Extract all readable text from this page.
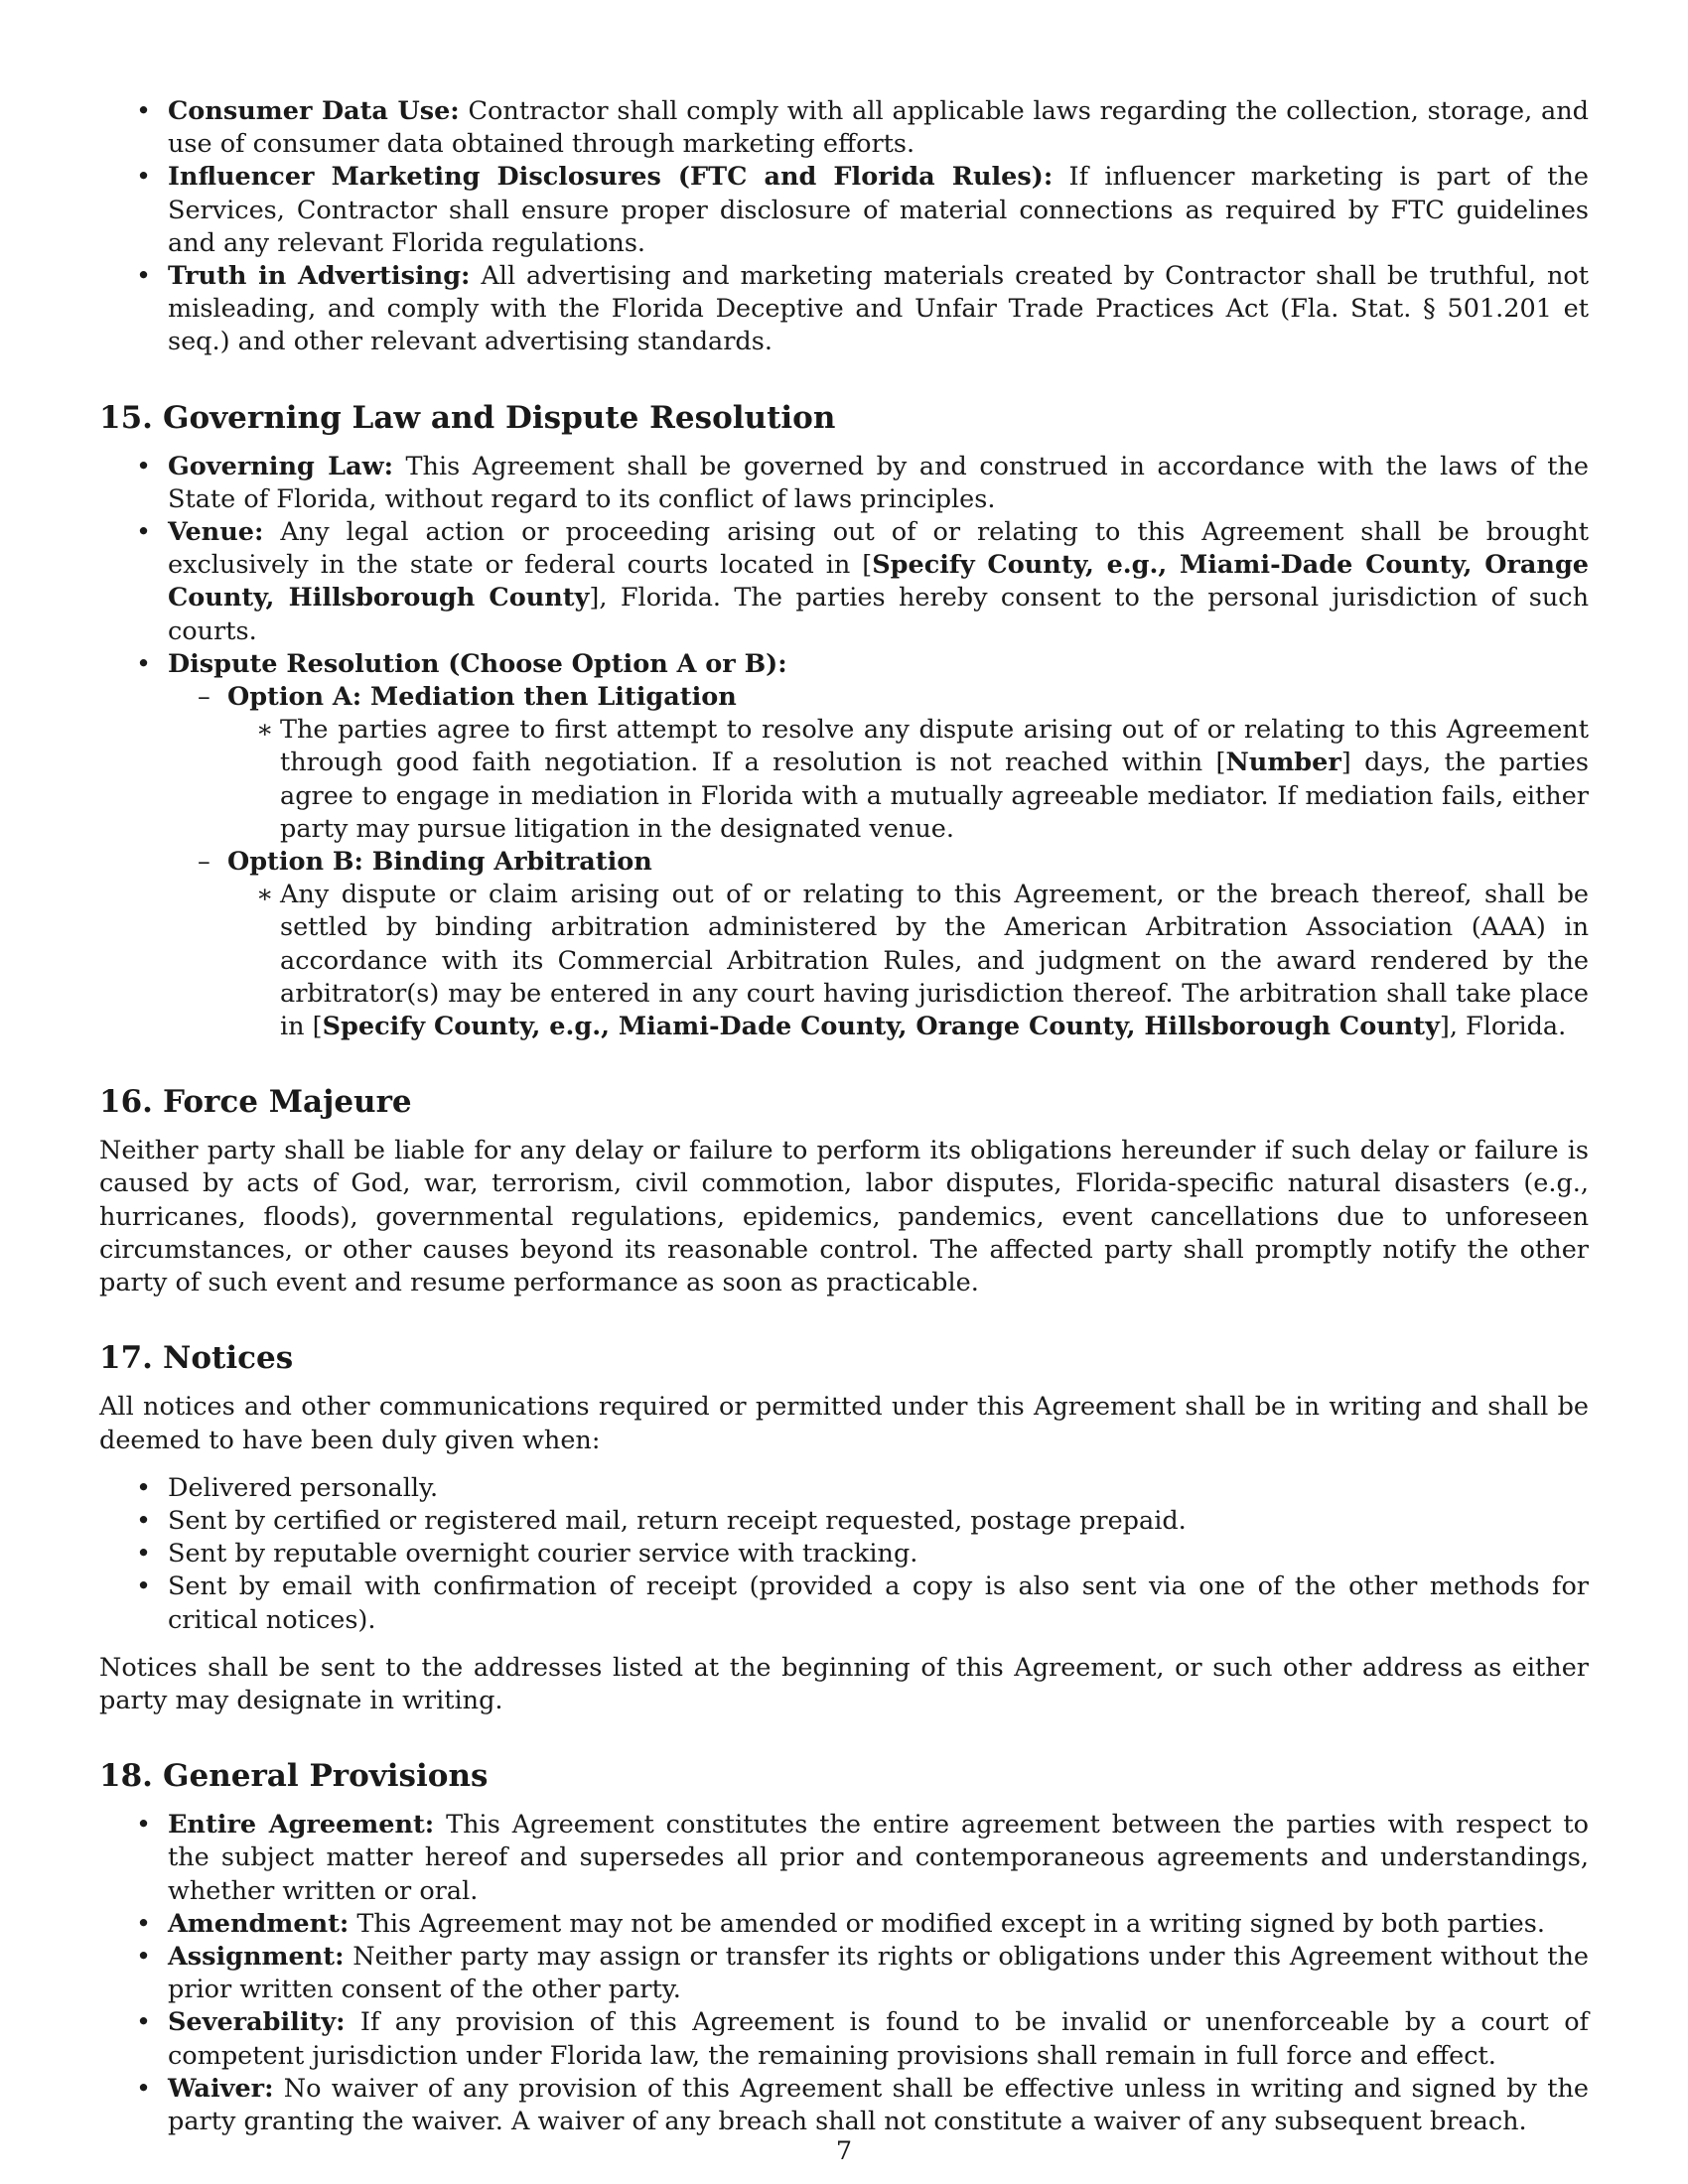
• Consumer Data Use: Contractor shall comply with all applicable laws regarding the collection, storage, and use of consumer data obtained through marketing efforts.
• Influencer Marketing Disclosures (FTC and Florida Rules): If influencer marketing is part of the Services, Contractor shall ensure proper disclosure of material connections as required by FTC guidelines and any relevant Florida regulations.
• Truth in Advertising: All advertising and marketing materials created by Contractor shall be truthful, not misleading, and comply with the Florida Deceptive and Unfair Trade Practices Act (Fla. Stat. § 501.201 et seq.) and other relevant advertising standards.
15. Governing Law and Dispute Resolution
• Governing Law: This Agreement shall be governed by and construed in accordance with the laws of the State of Florida, without regard to its conflict of laws principles.
• Venue: Any legal action or proceeding arising out of or relating to this Agreement shall be brought exclusively in the state or federal courts located in [Specify County, e.g., Miami-Dade County, Orange County, Hillsborough County], Florida. The parties hereby consent to the personal jurisdiction of such courts.
• Dispute Resolution (Choose Option A or B):
– Option A: Mediation then Litigation
∗ The parties agree to first attempt to resolve any dispute arising out of or relating to this Agreement through good faith negotiation. If a resolution is not reached within [Number] days, the parties agree to engage in mediation in Florida with a mutually agreeable mediator. If mediation fails, either party may pursue litigation in the designated venue.
– Option B: Binding Arbitration
∗ Any dispute or claim arising out of or relating to this Agreement, or the breach thereof, shall be settled by binding arbitration administered by the American Arbitration Association (AAA) in accordance with its Commercial Arbitration Rules, and judgment on the award rendered by the arbitrator(s) may be entered in any court having jurisdiction thereof. The arbitration shall take place in [Specify County, e.g., Miami-Dade County, Orange County, Hillsborough County], Florida.
16. Force Majeure

Neither party shall be liable for any delay or failure to perform its obligations hereunder if such delay or failure is caused by acts of God, war, terrorism, civil commotion, labor disputes, Florida-specific natural disasters (e.g., hurricanes, floods), governmental regulations, epidemics, pandemics, event cancellations due to unforeseen circumstances, or other causes beyond its reasonable control. The affected party shall promptly notify the other party of such event and resume performance as soon as practicable.

17. Notices

All notices and other communications required or permitted under this Agreement shall be in writing and shall be deemed to have been duly given when:

• Delivered personally.
• Sent by certified or registered mail, return receipt requested, postage prepaid.
• Sent by reputable overnight courier service with tracking.
• Sent by email with confirmation of receipt (provided a copy is also sent via one of the other methods for critical notices).

Notices shall be sent to the addresses listed at the beginning of this Agreement, or such other address as either party may designate in writing.

18. General Provisions
• Entire Agreement: This Agreement constitutes the entire agreement between the parties with respect to the subject matter hereof and supersedes all prior and contemporaneous agreements and understandings, whether written or oral.
• Amendment: This Agreement may not be amended or modified except in a writing signed by both parties.
• Assignment: Neither party may assign or transfer its rights or obligations under this Agreement without the prior written consent of the other party.
• Severability: If any provision of this Agreement is found to be invalid or unenforceable by a court of competent jurisdiction under Florida law, the remaining provisions shall remain in full force and effect.
• Waiver: No waiver of any provision of this Agreement shall be effective unless in writing and signed by the party granting the waiver. A waiver of any breach shall not constitute a waiver of any subsequent breach.
7
